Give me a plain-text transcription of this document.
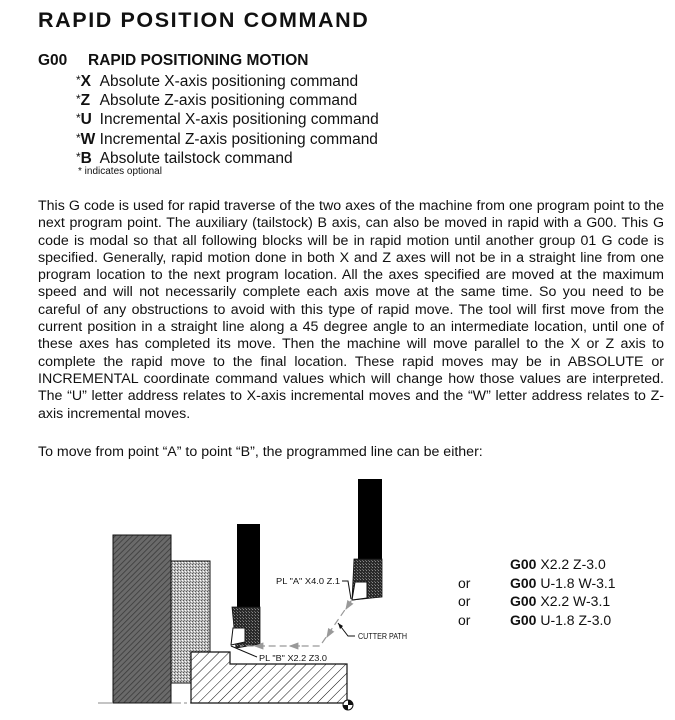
RAPID POSITION COMMAND
G00 RAPID POSITIONING MOTION
*X Absolute X-axis positioning command
*Z Absolute Z-axis positioning command
*U Incremental X-axis positioning command
*W Incremental Z-axis positioning command
*B Absolute tailstock command
* indicates optional

This G code is used for rapid traverse of the two axes of the machine from one program point to the next program point. The auxiliary (tailstock) B axis, can also be moved in rapid with a G00. This G code is modal so that all following blocks will be in rapid motion until another group 01 G code is specified. Generally, rapid motion done in both X and Z axes will not be in a straight line from one program location to the next program location. All the axes specified are moved at the maximum speed and will not necessarily complete each axis move at the same time. So you need to be careful of any obstructions to avoid with this type of rapid move. The tool will first move from the current position in a straight line along a 45 degree angle to an intermediate location, until one of these axes has completed its move. Then the machine will move parallel to the X or Z axis to complete the rapid move to the final location. These rapid moves may be in ABSOLUTE or INCREMENTAL coordinate command values which will change how those values are interpreted. The “U” letter address relates to X-axis incremental moves and the “W” letter address relates to Z-axis incremental moves.

To move from point “A” to point “B”, the programmed line can be either:

PL "A" X4.0 Z.1
CUTTER PATH
PL "B" X2.2 Z3.0
G00 X2.2 Z-3.0
or	G00 U-1.8 W-3.1
or	G00 X2.2 W-3.1
or	G00 U-1.8 Z-3.0
